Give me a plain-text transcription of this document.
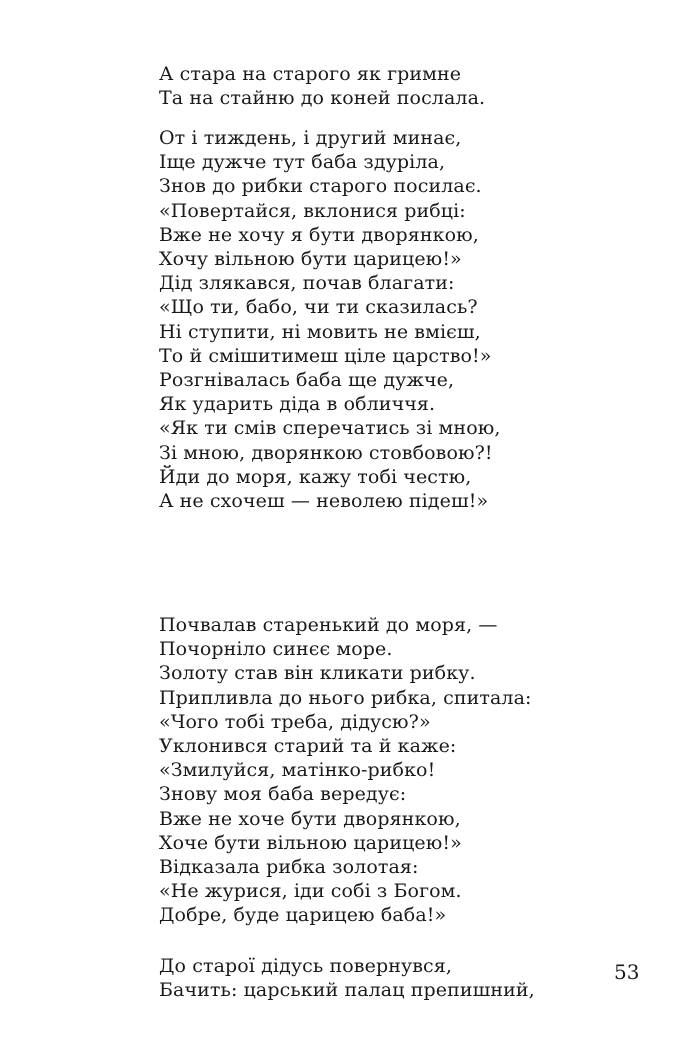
А стара на старого як гримне
Та на стайню до коней послала.
От і тиждень, і другий минає,
Іще дужче тут баба здуріла,
Знов до рибки старого посилає.
«Повертайся, вклонися рибці:
Вже не хочу я бути дворянкою,
Хочу вільною бути царицею!»
Дід злякався, почав благати:
«Що ти, бабо, чи ти сказилась?
Ні ступити, ні мовить не вмієш,
То й смішитимеш ціле царство!»
Розгнівалась баба ще дужче,
Як ударить діда в обличчя.
«Як ти смів сперечатись зі мною,
Зі мною, дворянкою стовбовою?!
Йди до моря, кажу тобі честю,
А не схочеш — неволею підеш!»
Почвалав старенький до моря, —
Почорніло синєє море.
Золоту став він кликати рибку.
Припливла до нього рибка, спитала:
«Чого тобі треба, дідусю?»
Уклонився старий та й каже:
«Змилуйся, матінко-рибко!
Знову моя баба вередує:
Вже не хоче бути дворянкою,
Хоче бути вільною царицею!»
Відказала рибка золотая:
«Не журися, іди собі з Богом.
Добре, буде царицею баба!»
До старої дідусь повернувся,
Бачить: царський палац препишний,
53
